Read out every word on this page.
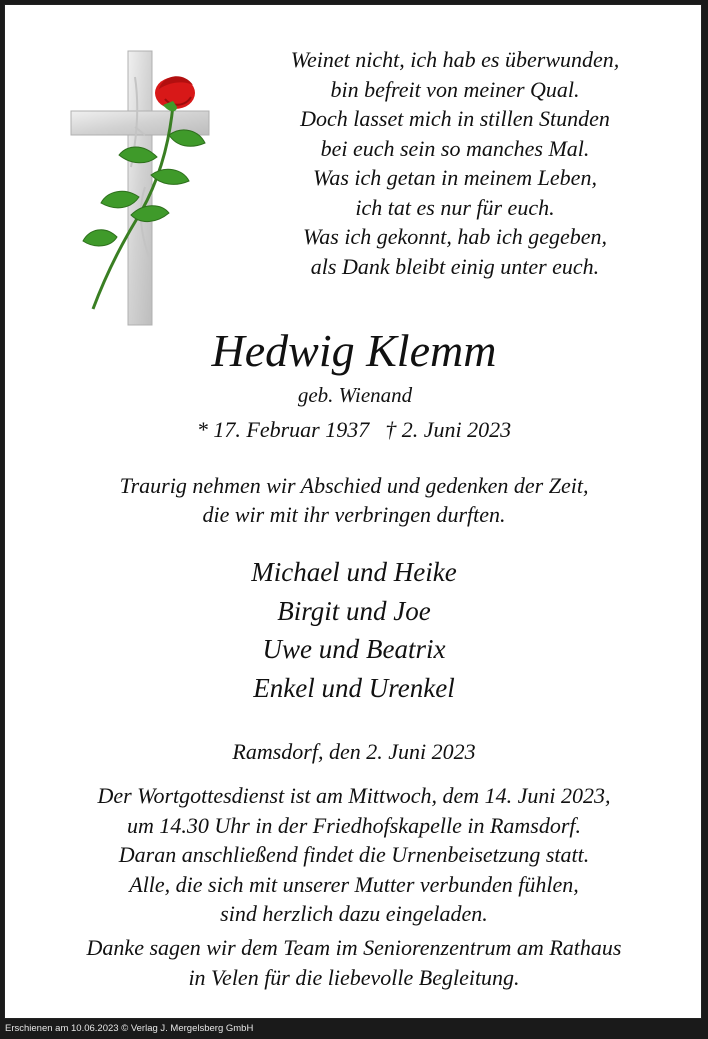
Weinet nicht, ich hab es überwunden,
bin befreit von meiner Qual.
Doch lasset mich in stillen Stunden
bei euch sein so manches Mal.
Was ich getan in meinem Leben,
ich tat es nur für euch.
Was ich gekonnt, hab ich gegeben,
als Dank bleibt einig unter euch.
Hedwig Klemm
geb. Wienand
* 17. Februar 1937 † 2. Juni 2023
Traurig nehmen wir Abschied und gedenken der Zeit,
die wir mit ihr verbringen durften.
Michael und Heike
Birgit und Joe
Uwe und Beatrix
Enkel und Urenkel
Ramsdorf, den 2. Juni 2023
Der Wortgottesdienst ist am Mittwoch, dem 14. Juni 2023,
um 14.30 Uhr in der Friedhofskapelle in Ramsdorf.
Daran anschließend findet die Urnenbeisetzung statt.
Alle, die sich mit unserer Mutter verbunden fühlen,
sind herzlich dazu eingeladen.
Danke sagen wir dem Team im Seniorenzentrum am Rathaus
in Velen für die liebevolle Begleitung.
Erschienen am 10.06.2023 © Verlag J. Mergelsberg GmbH
